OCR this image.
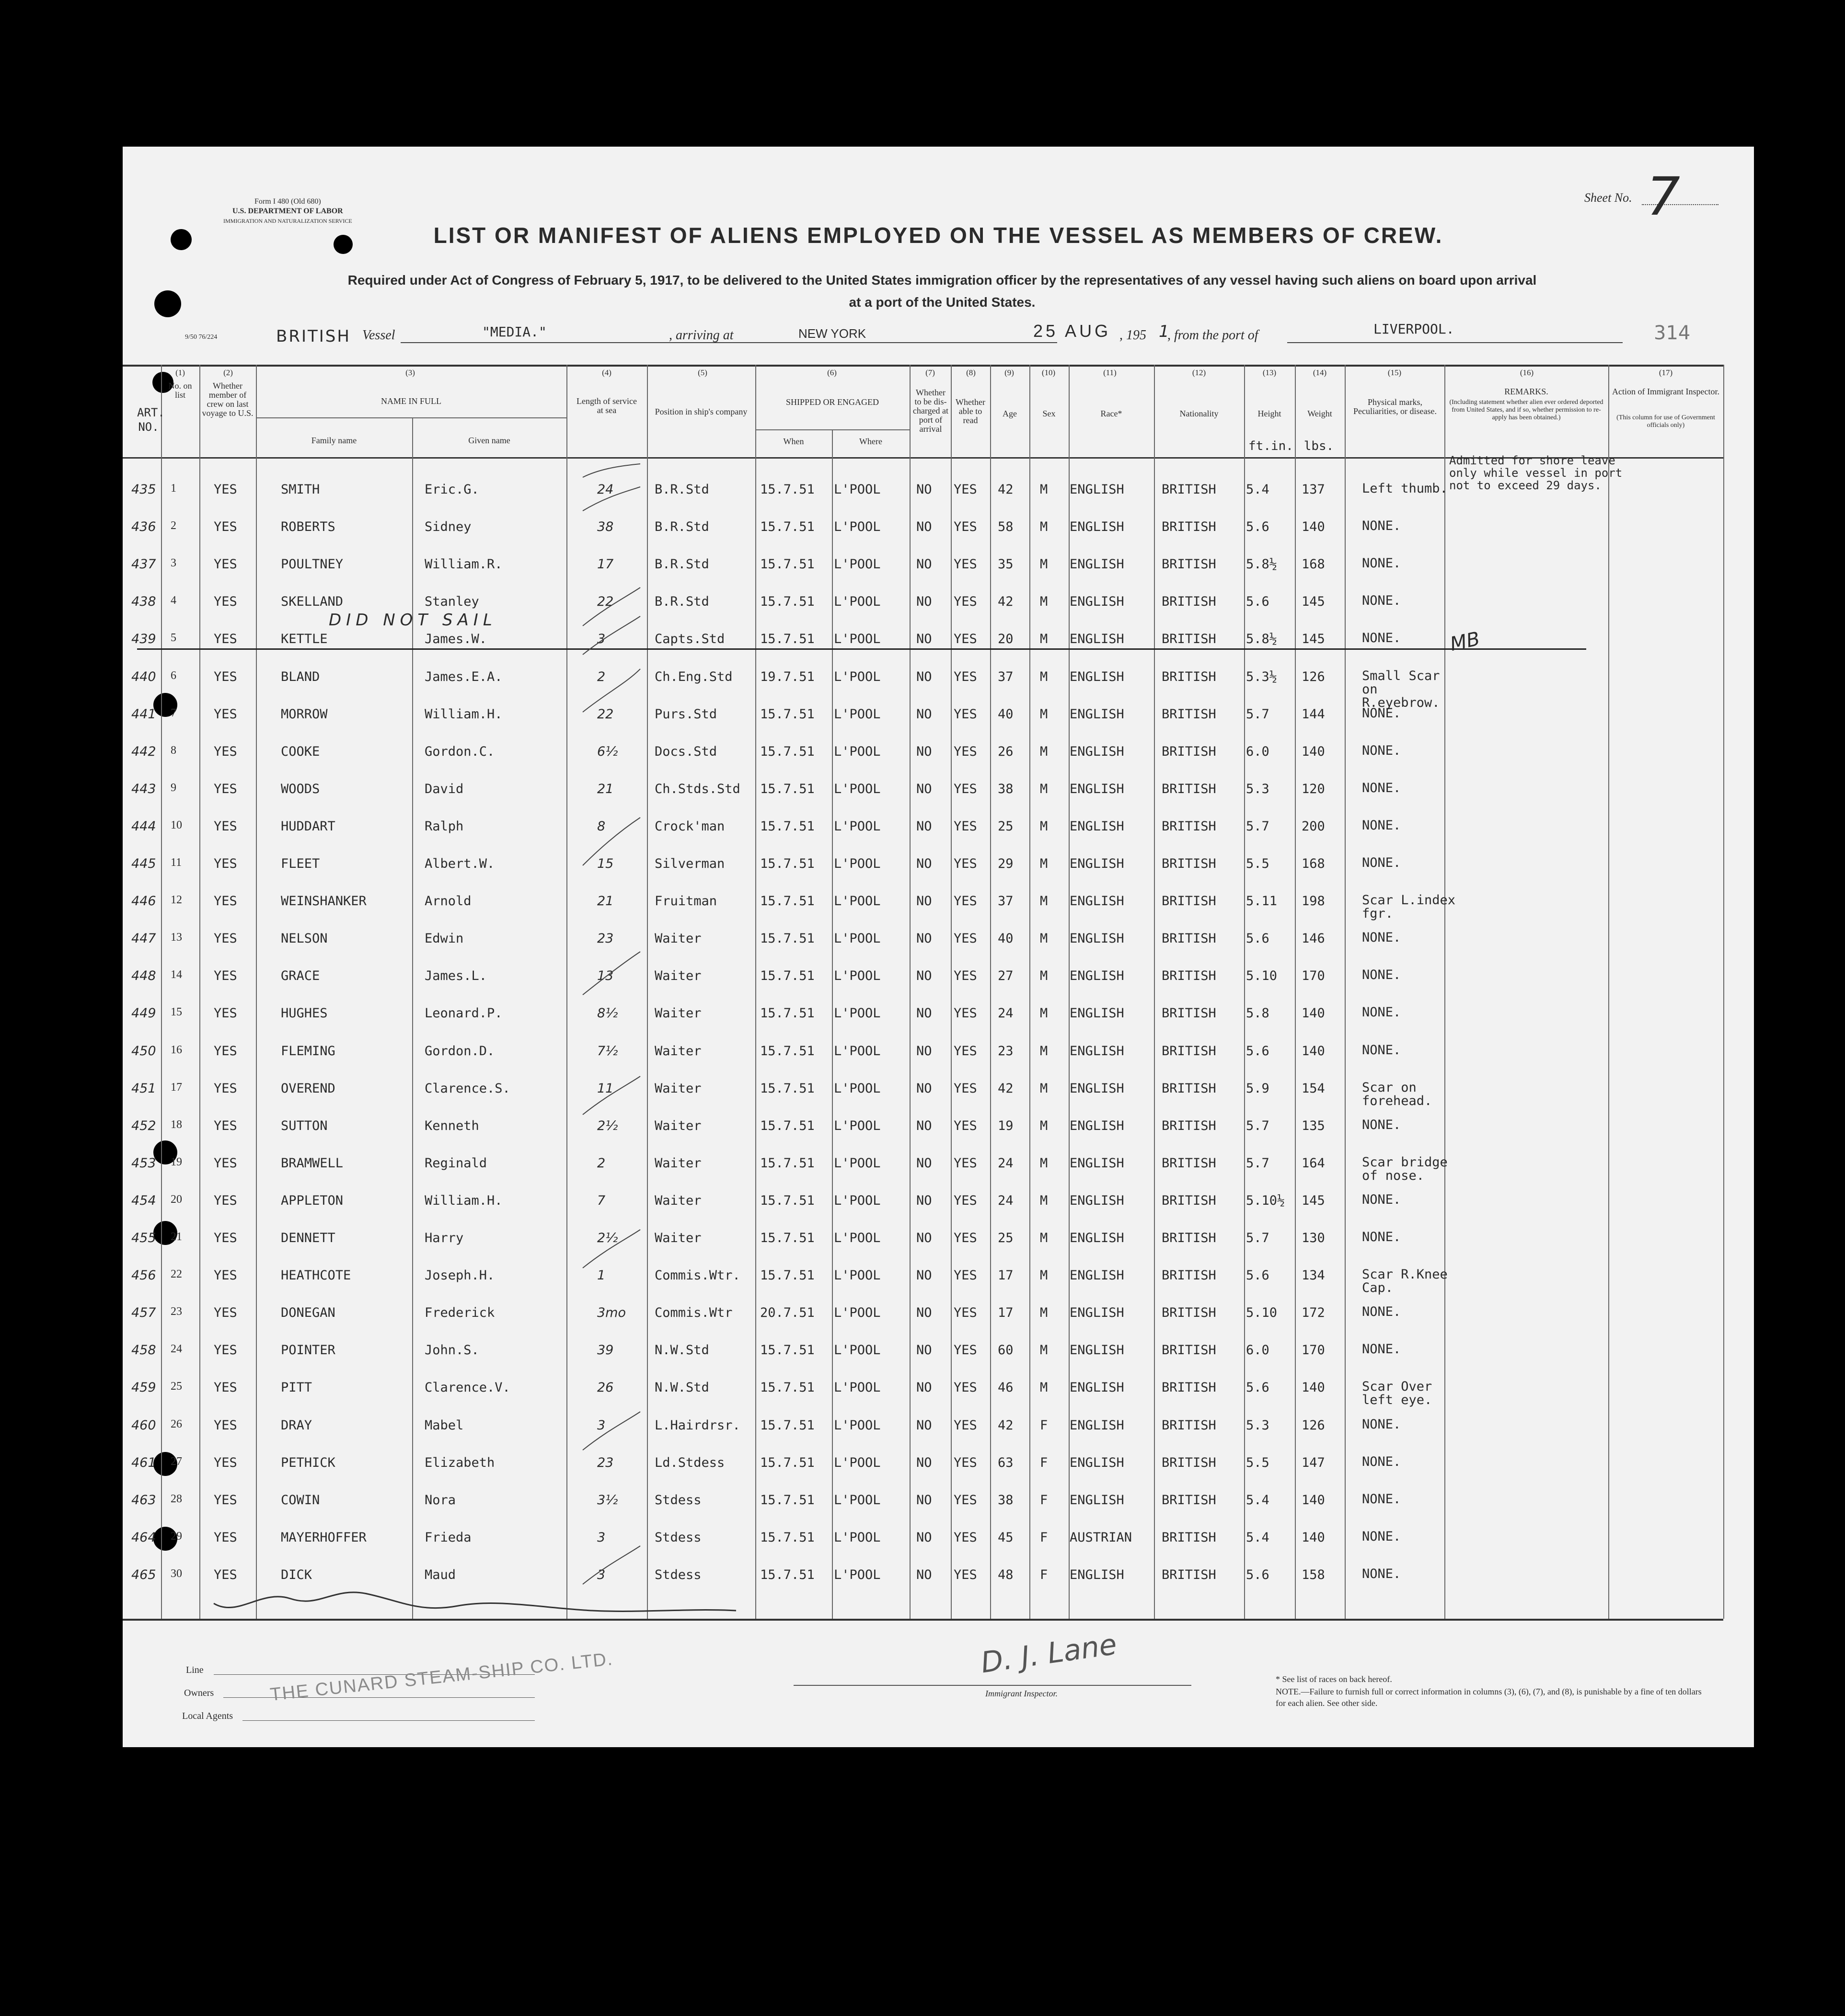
Form I 480 (Old 680)
U.S. DEPARTMENT OF LABOR
IMMIGRATION AND NATURALIZATION SERVICE
Sheet No. 7
LIST OR MANIFEST OF ALIENS EMPLOYED ON THE VESSEL AS MEMBERS OF CREW.
Required under Act of Congress of February 5, 1917, to be delivered to the United States immigration officer by the representatives of any vessel having such aliens on board upon arrival at a port of the United States.
9/50 76/224	BRITISH Vessel	"MEDIA."	, arriving at	NEW YORK	25 AUG , 195 1
, from the port of	LIVERPOOL.	314
(1)	(2)	(3)	(4)	(5)	(6)	(7)	(8)	(9)	(10)	(11)	(12)	(13)	(14)	(15)	(16)	(17)
ART. NO.
No. on list
Whether member of crew on last voyage to U.S.
NAME IN FULL
Family name	Given name
Length of service at sea	Position in ship's company
SHIPPED OR ENGAGED
When	Where
Whether to be dis-charged at port of arrival
Whether able to read
Age	Sex	Race*	Nationality	Height	Weight
ft.in. lbs.
Physical marks, Peculiarities, or disease.
REMARKS.
(Including statement whether alien ever ordered deported from United States, and if so, whether permission to re-apply has been obtained.)
Action of Immigrant Inspector.
(This column for use of Government officials only)
435 1	YES	SMITH	Eric.G.	24	B.R.Std	15.7.51 L'POOL	NO YES 42 M ENGLISH	BRITISH 5.4 137	Left thumb.
436 2	YES	ROBERTS	Sidney	38	B.R.Std	15.7.51 L'POOL	NO YES 58 M ENGLISH	BRITISH 5.6 140	NONE.
437 3	YES	POULTNEY	William.R.	17	B.R.Std	15.7.51 L'POOL	NO YES 35 M ENGLISH	BRITISH 5.8½ 168	NONE.
438 4	YES	SKELLAND	Stanley	22	B.R.Std	15.7.51 L'POOL	NO YES 42 M ENGLISH	BRITISH 5.6 145	NONE.
439 5	YES	KETTLE	James.W.	3	Capts.Std	15.7.51 L'POOL	NO YES 20 M ENGLISH	BRITISH 5.8½ 145	NONE.
440 6	YES	BLAND	James.E.A.	2	Ch.Eng.Std 19.7.51 L'POOL	NO YES 37 M ENGLISH	BRITISH 5.3½ 126	Small Scar on R.eyebrow.
441 7	YES	MORROW	William.H.	22	Purs.Std	15.7.51 L'POOL	NO YES 40 M ENGLISH	BRITISH 5.7 144	NONE.
442 8	YES	COOKE	Gordon.C.	6½	Docs.Std	15.7.51 L'POOL	NO YES 26 M ENGLISH	BRITISH 6.0 140	NONE.
443 9	YES	WOODS	David	21	Ch.Stds.Std 15.7.51 L'POOL	NO YES 38 M ENGLISH	BRITISH 5.3 120	NONE.
444 10 YES	HUDDART	Ralph	8	Crock'man	15.7.51 L'POOL	NO YES 25 M ENGLISH	BRITISH 5.7 200	NONE.
445 11 YES	FLEET	Albert.W.	15	Silverman	15.7.51 L'POOL	NO YES 29 M ENGLISH	BRITISH 5.5 168	NONE.
446 12 YES	WEINSHANKER	Arnold	21	Fruitman	15.7.51 L'POOL	NO YES 37 M ENGLISH	BRITISH 5.11 198	Scar L.index fgr.
447 13 YES	NELSON	Edwin	23	Waiter	15.7.51 L'POOL	NO YES 40 M ENGLISH	BRITISH 5.6 146	NONE.
448 14 YES	GRACE	James.L.	13	Waiter	15.7.51 L'POOL	NO YES 27 M ENGLISH	BRITISH 5.10 170	NONE.
449 15 YES	HUGHES	Leonard.P.	8½	Waiter	15.7.51 L'POOL	NO YES 24 M ENGLISH	BRITISH 5.8 140	NONE.
450 16 YES	FLEMING	Gordon.D.	7½	Waiter	15.7.51 L'POOL	NO YES 23 M ENGLISH	BRITISH 5.6 140	NONE.
451 17 YES	OVEREND	Clarence.S.	11	Waiter	15.7.51 L'POOL	NO YES 42 M ENGLISH	BRITISH 5.9 154	Scar on forehead.
452 18 YES	SUTTON	Kenneth	2½	Waiter	15.7.51 L'POOL	NO YES 19 M ENGLISH	BRITISH 5.7 135	NONE.
453 19 YES	BRAMWELL	Reginald	2	Waiter	15.7.51 L'POOL	NO YES 24 M ENGLISH	BRITISH 5.7 164	Scar bridge of nose.
454 20 YES	APPLETON	William.H.	7	Waiter	15.7.51 L'POOL	NO YES 24 M ENGLISH	BRITISH 5.10½ 145	NONE.
455 21 YES	DENNETT	Harry	2½	Waiter	15.7.51 L'POOL	NO YES 25 M ENGLISH	BRITISH 5.7 130	NONE.
456 22 YES	HEATHCOTE	Joseph.H.	1	Commis.Wtr. 15.7.51 L'POOL	NO YES 17 M ENGLISH	BRITISH 5.6 134	Scar R.Knee Cap.
457 23 YES	DONEGAN	Frederick	3mo Commis.Wtr 20.7.51 L'POOL	NO YES 17 M ENGLISH	BRITISH 5.10 172	NONE.
458 24 YES	POINTER	John.S.	39	N.W.Std	15.7.51 L'POOL	NO YES 60 M ENGLISH	BRITISH 6.0 170	NONE.
459 25 YES	PITT	Clarence.V.	26	N.W.Std	15.7.51 L'POOL	NO YES 46 M ENGLISH	BRITISH 5.6 140	Scar Over left eye.
460 26 YES	DRAY	Mabel	3	L.Hairdrsr. 15.7.51 L'POOL	NO YES 42 F ENGLISH	BRITISH 5.3 126	NONE.
461 27 YES	PETHICK	Elizabeth	23	Ld.Stdess	15.7.51 L'POOL	NO YES 63 F ENGLISH	BRITISH 5.5 147	NONE.
463 28 YES	COWIN	Nora	3½	Stdess	15.7.51 L'POOL	NO YES 38 F ENGLISH	BRITISH 5.4 140	NONE.
464 29 YES	MAYERHOFFER	Frieda	3	Stdess	15.7.51 L'POOL	NO YES 45 F AUSTRIAN BRITISH 5.4 140	NONE.
465 30 YES	DICK	Maud	3	Stdess	15.7.51 L'POOL	NO YES 48 F ENGLISH	BRITISH 5.6 158	NONE.
Admitted for shore leave only while vessel in port not to exceed 29 days.
DID NOT SAIL
MB
Line
Owners
Local Agents
THE CUNARD STEAM-SHIP CO. LTD.	D. J. Lane
Immigrant Inspector.
* See list of races on back hereof.
NOTE.—Failure to furnish full or correct information in columns (3), (6), (7), and (8), is punishable by a fine of ten dollars for each alien. See other side.
